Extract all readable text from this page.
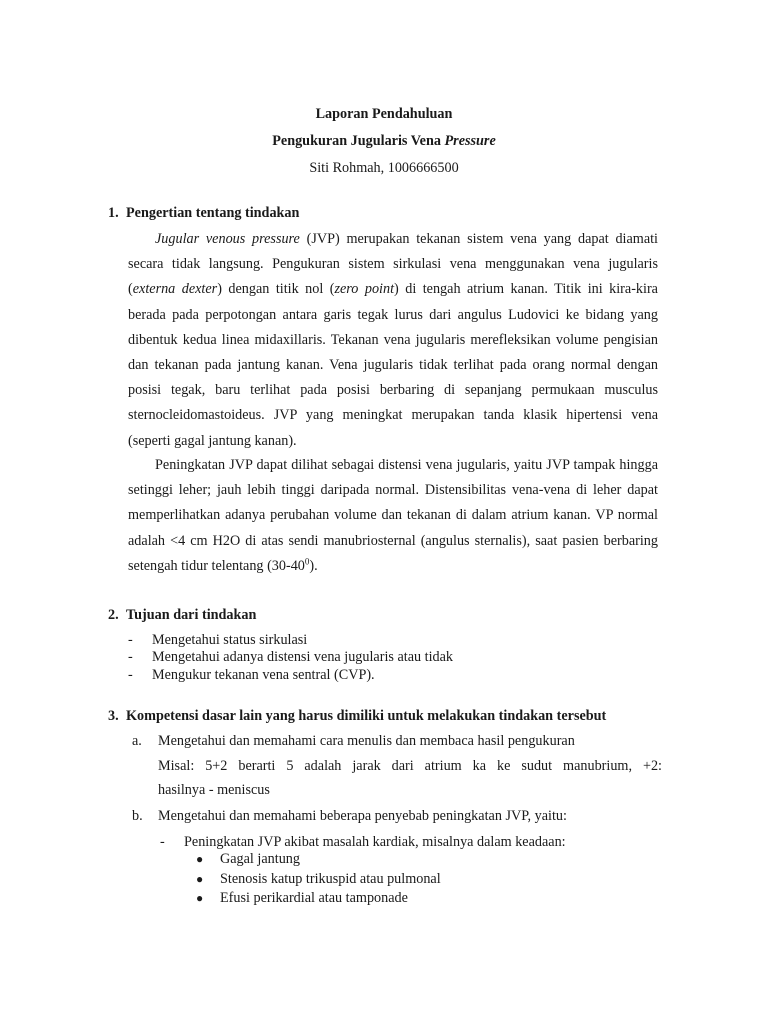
Laporan Pendahuluan
Pengukuran Jugularis Vena Pressure
Siti Rohmah, 1006666500
1. Pengertian tentang tindakan

Jugular venous pressure (JVP) merupakan tekanan sistem vena yang dapat diamati secara tidak langsung. Pengukuran sistem sirkulasi vena menggunakan vena jugularis (externa dexter) dengan titik nol (zero point) di tengah atrium kanan. Titik ini kira-kira berada pada perpotongan antara garis tegak lurus dari angulus Ludovici ke bidang yang dibentuk kedua linea midaxillaris. Tekanan vena jugularis merefleksikan volume pengisian dan tekanan pada jantung kanan. Vena jugularis tidak terlihat pada orang normal dengan posisi tegak, baru terlihat pada posisi berbaring di sepanjang permukaan musculus sternocleidomastoideus. JVP yang meningkat merupakan tanda klasik hipertensi vena (seperti gagal jantung kanan).

Peningkatan JVP dapat dilihat sebagai distensi vena jugularis, yaitu JVP tampak hingga setinggi leher; jauh lebih tinggi daripada normal. Distensibilitas vena-vena di leher dapat memperlihatkan adanya perubahan volume dan tekanan di dalam atrium kanan. VP normal adalah <4 cm H2O di atas sendi manubriosternal (angulus sternalis), saat pasien berbaring setengah tidur telentang $(30-40^0)$.

2. Tujuan dari tindakan
-	Mengetahui status sirkulasi
-	Mengetahui adanya distensi vena jugularis atau tidak
-	Mengukur tekanan vena sentral (CVP).
3. Kompetensi dasar lain yang harus dimiliki untuk melakukan tindakan tersebut
a. Mengetahui dan memahami cara menulis dan membaca hasil pengukuran
Misal: 5+2 berarti 5 adalah jarak dari atrium ka ke sudut manubrium, +2:
hasilnya - meniscus
b. Mengetahui dan memahami beberapa penyebab peningkatan JVP, yaitu:
- Peningkatan JVP akibat masalah kardiak, misalnya dalam keadaan:
●	Gagal jantung
●	Stenosis katup trikuspid atau pulmonal
●	Efusi perikardial atau tamponade
